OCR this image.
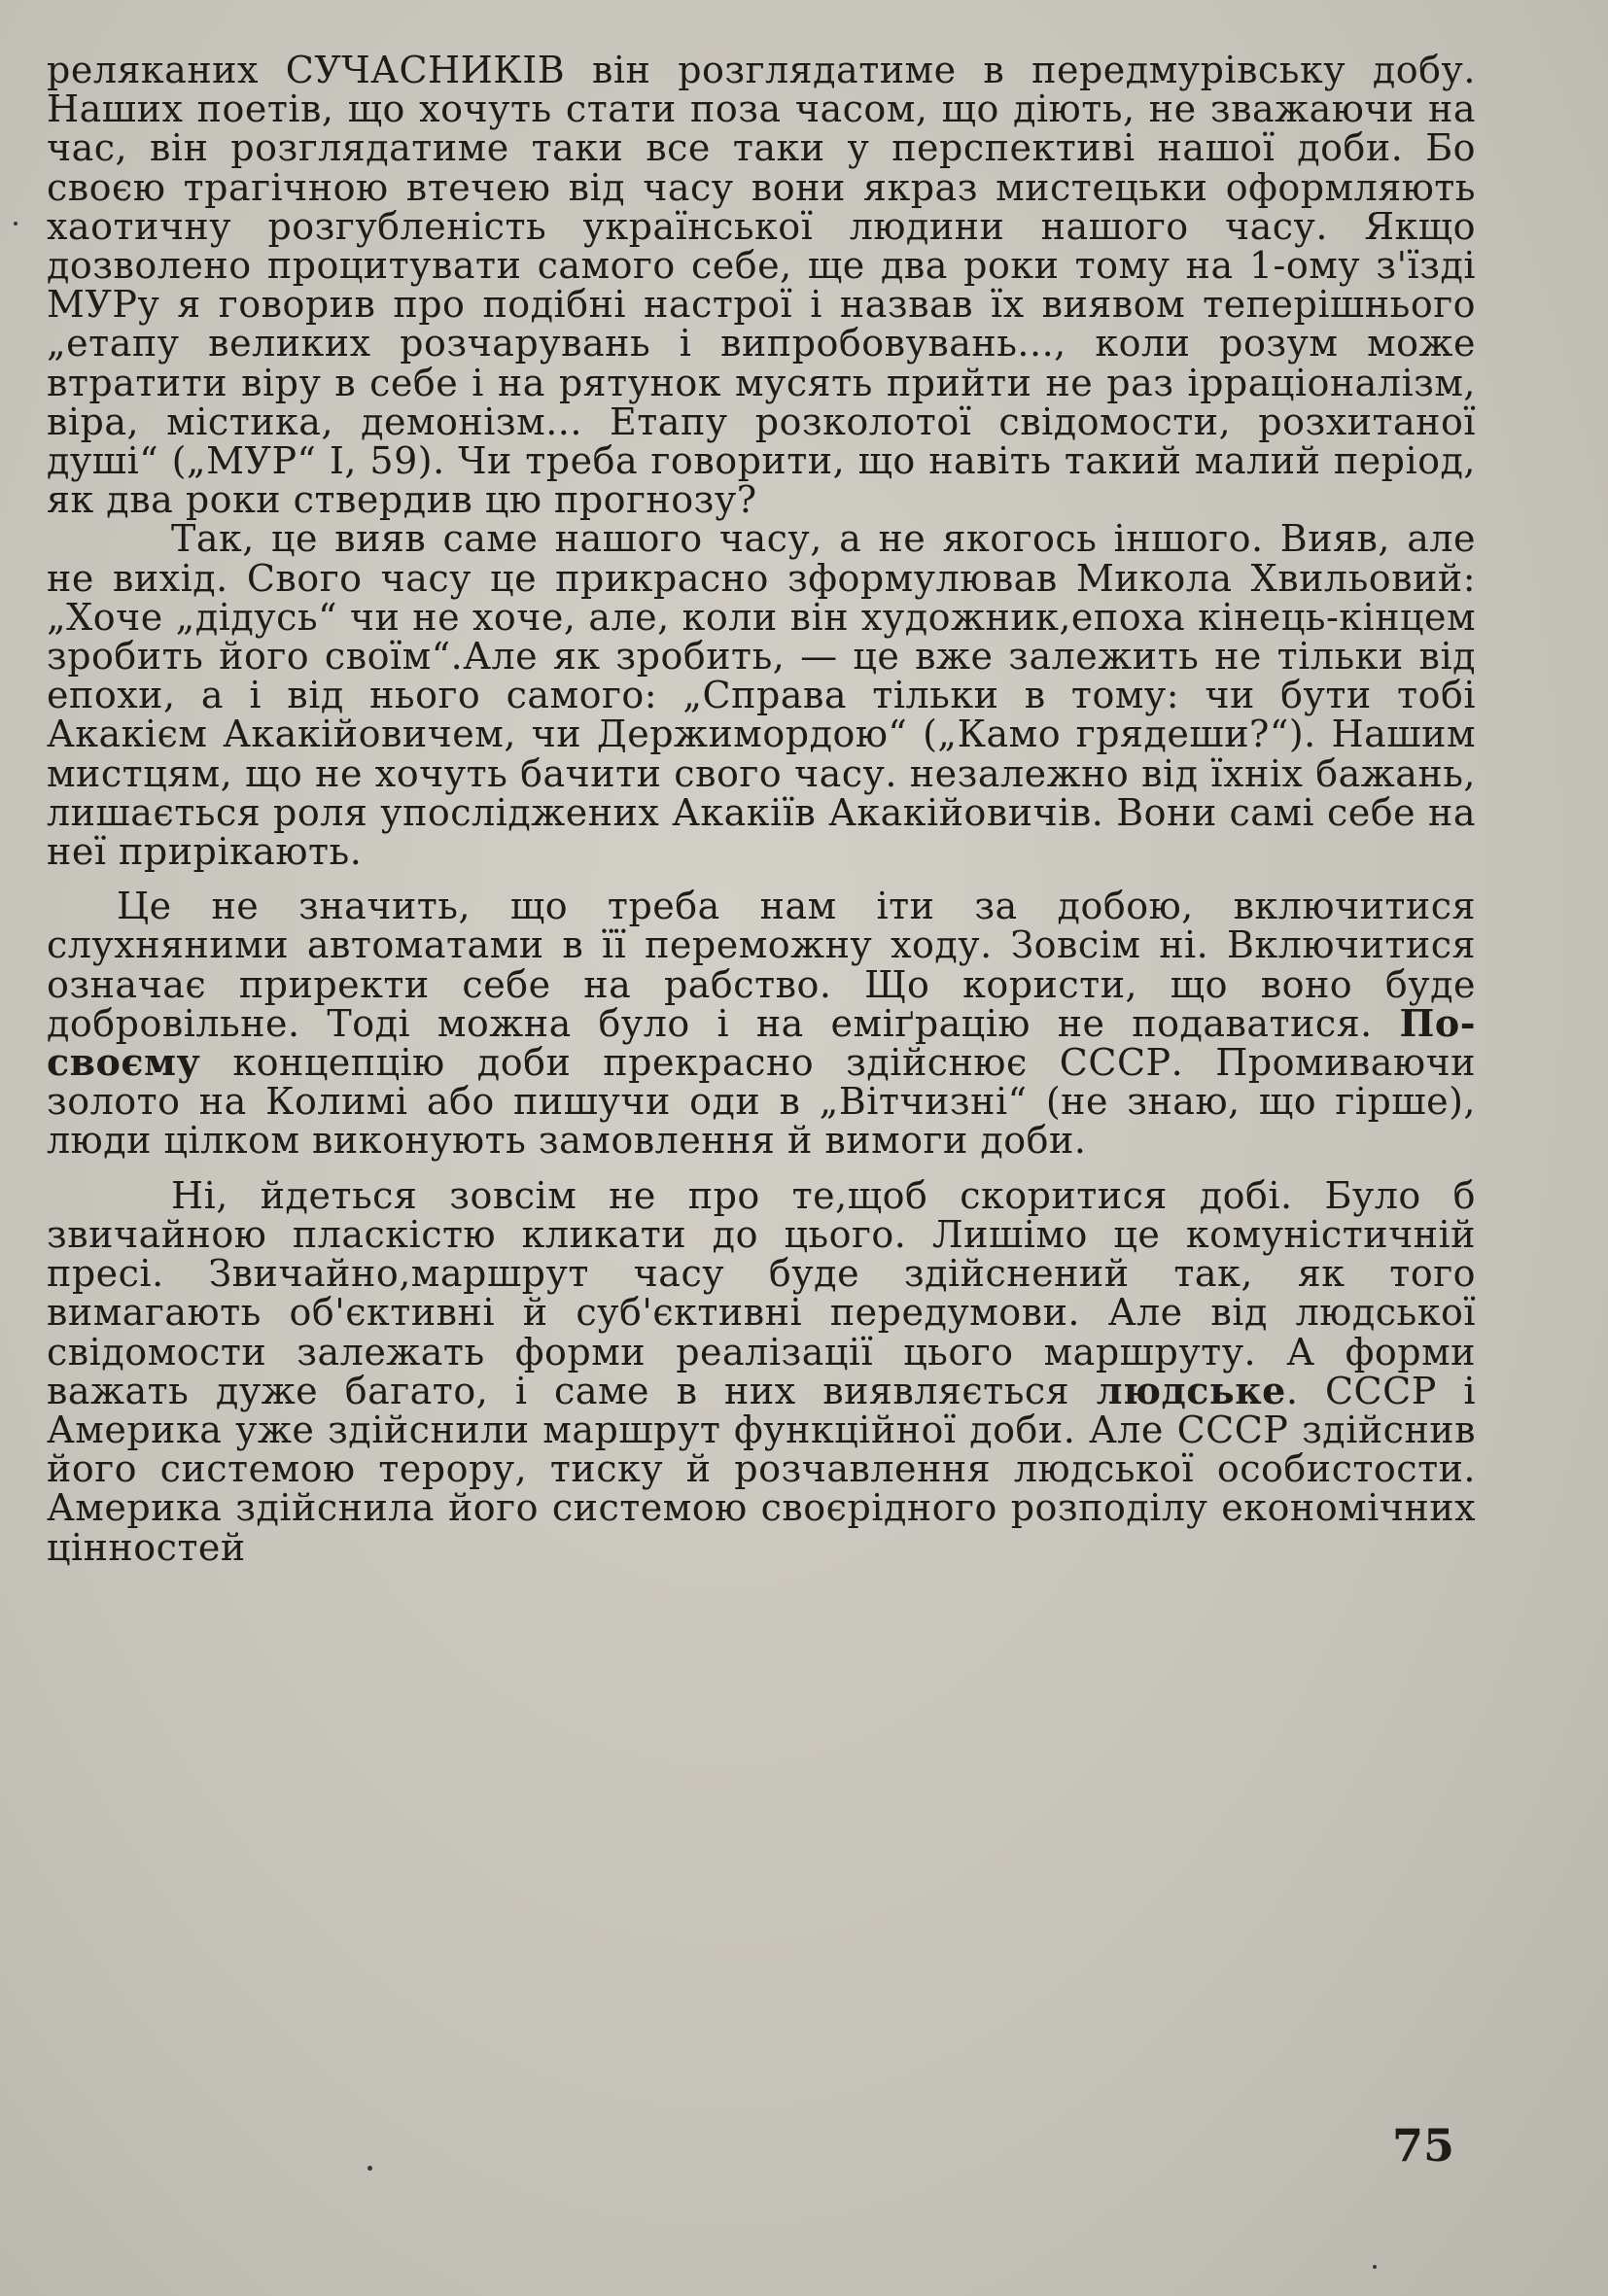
реляканих СУЧАСНИКІВ він розглядатиме в передмурівську добу. Наших поетів, що хочуть стати поза часом, що діють, не зважаючи на час, він розглядатиме таки все таки у перспективі нашої доби. Бо своєю трагічною втечею від часу вони якраз мистецьки оформляють хаотичну розгубленість української людини нашого часу. Якщо дозволено процитувати самого себе, ще два роки тому на 1-ому з'їзді МУРу я говорив про подібні настрої і назвав їх виявом теперішнього „етапу великих розчарувань і випробовувань..., коли розум може втратити віру в себе і на рятунок мусять прийти не раз ірраціоналізм, віра, містика, демонізм... Етапу розколотої свідомости, розхитаної душі“ („МУР“ I, 59). Чи треба говорити, що навіть такий малий період, як два роки ствердив цю прогнозу?

Так, це вияв саме нашого часу, а не якогось іншого. Вияв, але не вихід. Свого часу це прикрасно зформулював Микола Хвильовий:„Хоче „дідусь“ чи не хоче, але, коли він художник,епоха кінець-кінцем зробить його своїм“.Але як зробить, — це вже залежить не тільки від епохи, а і від нього самого: „Справа тільки в тому: чи бути тобі Акакієм Акакійовичем, чи Держимордою“ („Камо грядеши?“). Нашим мистцям, що не хочуть бачити свого часу. незалежно від їхніх бажань, лишається роля упосліджених Акакіїв Акакійовичів. Вони самі себе на неї прирікають.

Це не значить, що треба нам іти за добою, включитися слухняними автоматами в її переможну ходу. Зовсім ні. Включитися означає приректи себе на рабство. Що користи, що воно буде добровільне. Тоді можна було і на еміґрацію не подаватися. По-своєму концепцію доби прекрасно здійснює СССР. Промиваючи золото на Колимі або пишучи оди в „Вітчизні“ (не знаю, що гірше), люди цілком виконують замовлення й вимоги доби.

Ні, йдеться зовсім не про те,щоб скоритися добі. Було б звичайною пласкістю кликати до цього. Лишімо це комуністичній пресі. Звичайно,маршрут часу буде здійснений так, як того вимагають об'єктивні й суб'єктивні передумови. Але від людської свідомости залежать форми реалізації цього маршруту. А форми важать дуже багато, і саме в них виявляється людське. СССР і Америка уже здійснили маршрут функційної доби. Але СССР здійснив його системою терору, тиску й розчавлення людської особистости. Америка здійснила його системою своєрідного розподілу економічних цінностей

75
